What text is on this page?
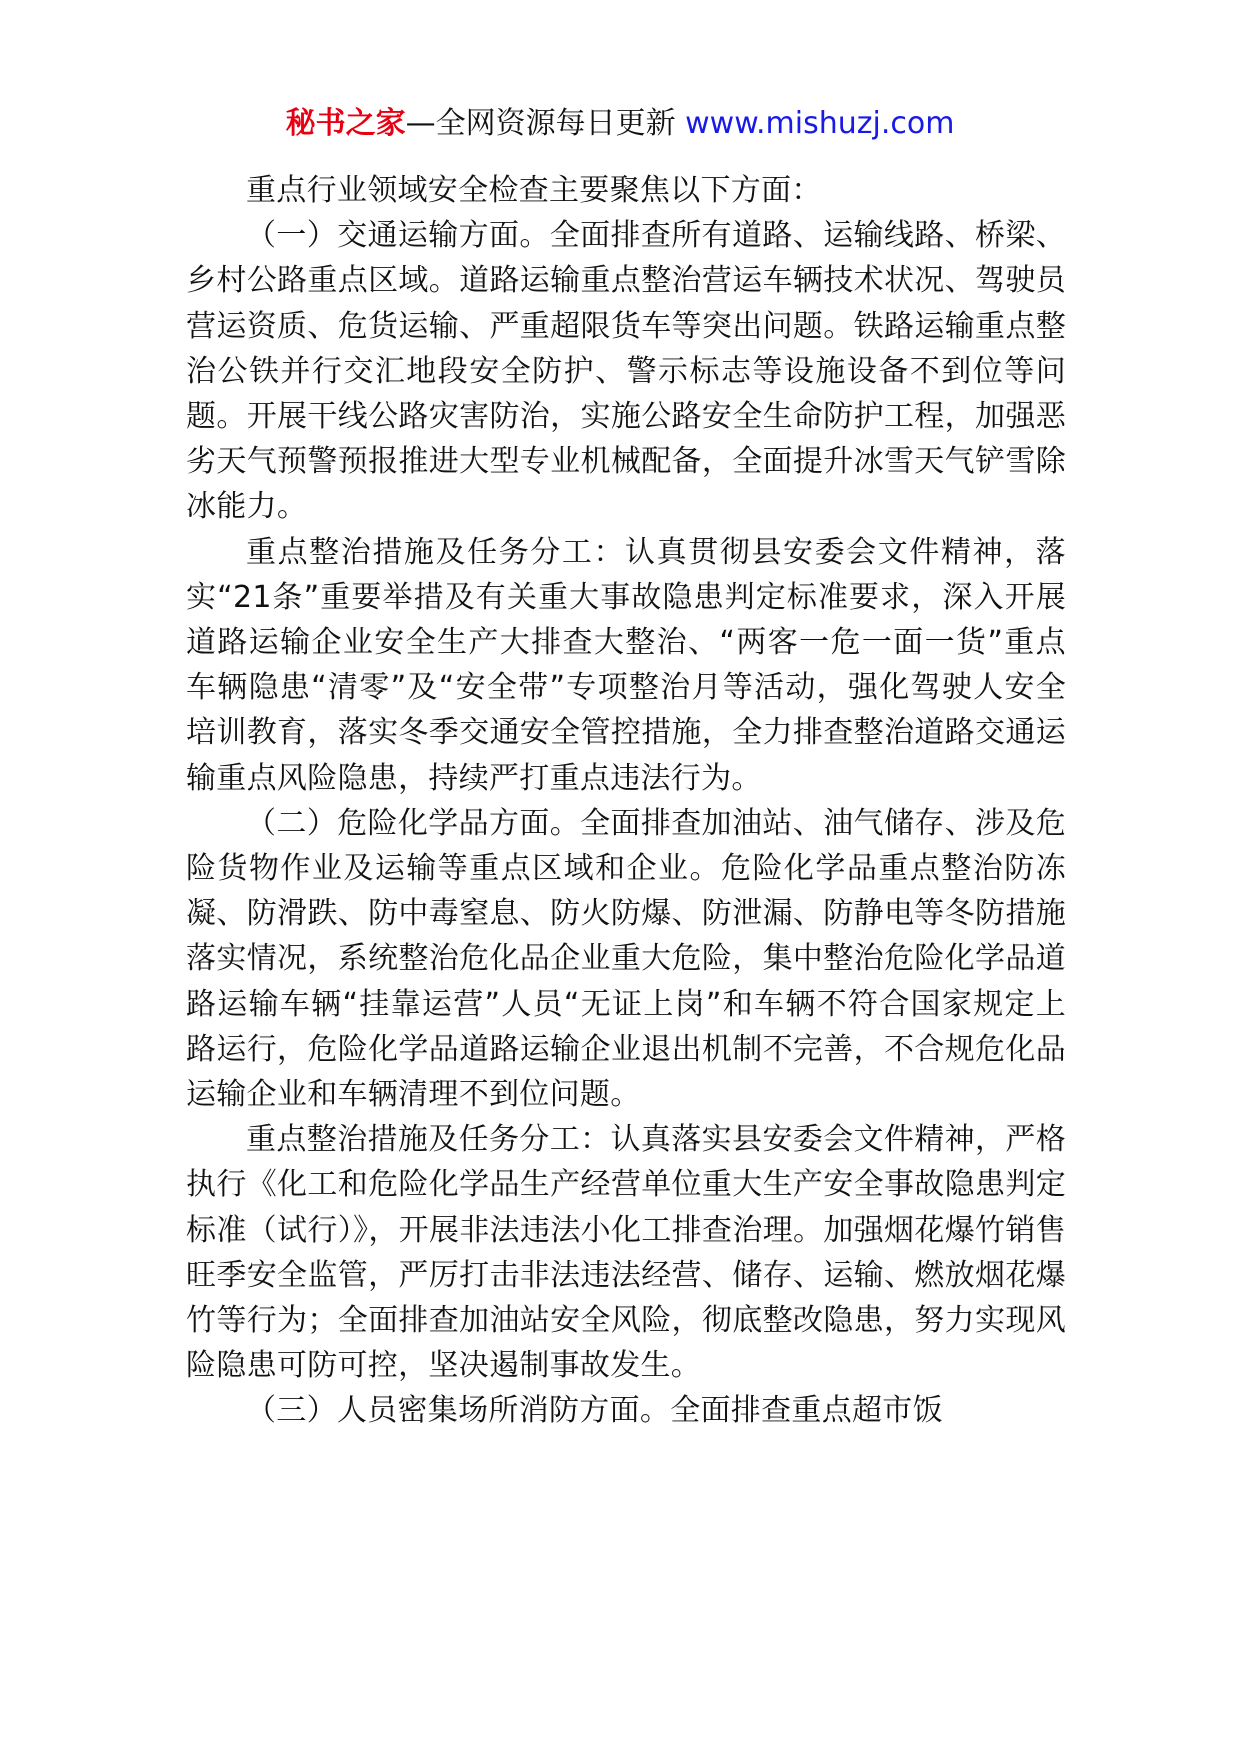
秘书之家—全网资源每日更新 www.mishuzj.com

重点行业领域安全检查主要聚焦以下方面：

（一）交通运输方面。全面排查所有道路、运输线路、桥梁、乡村公路重点区域。道路运输重点整治营运车辆技术状况、驾驶员营运资质、危货运输、严重超限货车等突出问题。铁路运输重点整治公铁并行交汇地段安全防护、警示标志等设施设备不到位等问题。开展干线公路灾害防治，实施公路安全生命防护工程，加强恶劣天气预警预报推进大型专业机械配备，全面提升冰雪天气铲雪除冰能力。

重点整治措施及任务分工：认真贯彻县安委会文件精神，落实“21条”重要举措及有关重大事故隐患判定标准要求，深入开展道路运输企业安全生产大排查大整治、“两客一危一面一货”重点车辆隐患“清零”及“安全带”专项整治月等活动，强化驾驶人安全培训教育，落实冬季交通安全管控措施，全力排查整治道路交通运输重点风险隐患，持续严打重点违法行为。

（二）危险化学品方面。全面排查加油站、油气储存、涉及危险货物作业及运输等重点区域和企业。危险化学品重点整治防冻凝、防滑跌、防中毒窒息、防火防爆、防泄漏、防静电等冬防措施落实情况，系统整治危化品企业重大危险，集中整治危险化学品道路运输车辆“挂靠运营”人员“无证上岗”和车辆不符合国家规定上路运行，危险化学品道路运输企业退出机制不完善，不合规危化品运输企业和车辆清理不到位问题。

重点整治措施及任务分工：认真落实县安委会文件精神，严格执行《化工和危险化学品生产经营单位重大生产安全事故隐患判定标准（试行）》，开展非法违法小化工排查治理。加强烟花爆竹销售旺季安全监管，严厉打击非法违法经营、储存、运输、燃放烟花爆竹等行为；全面排查加油站安全风险，彻底整改隐患，努力实现风险隐患可防可控，坚决遏制事故发生。

（三）人员密集场所消防方面。全面排查重点超市饭
